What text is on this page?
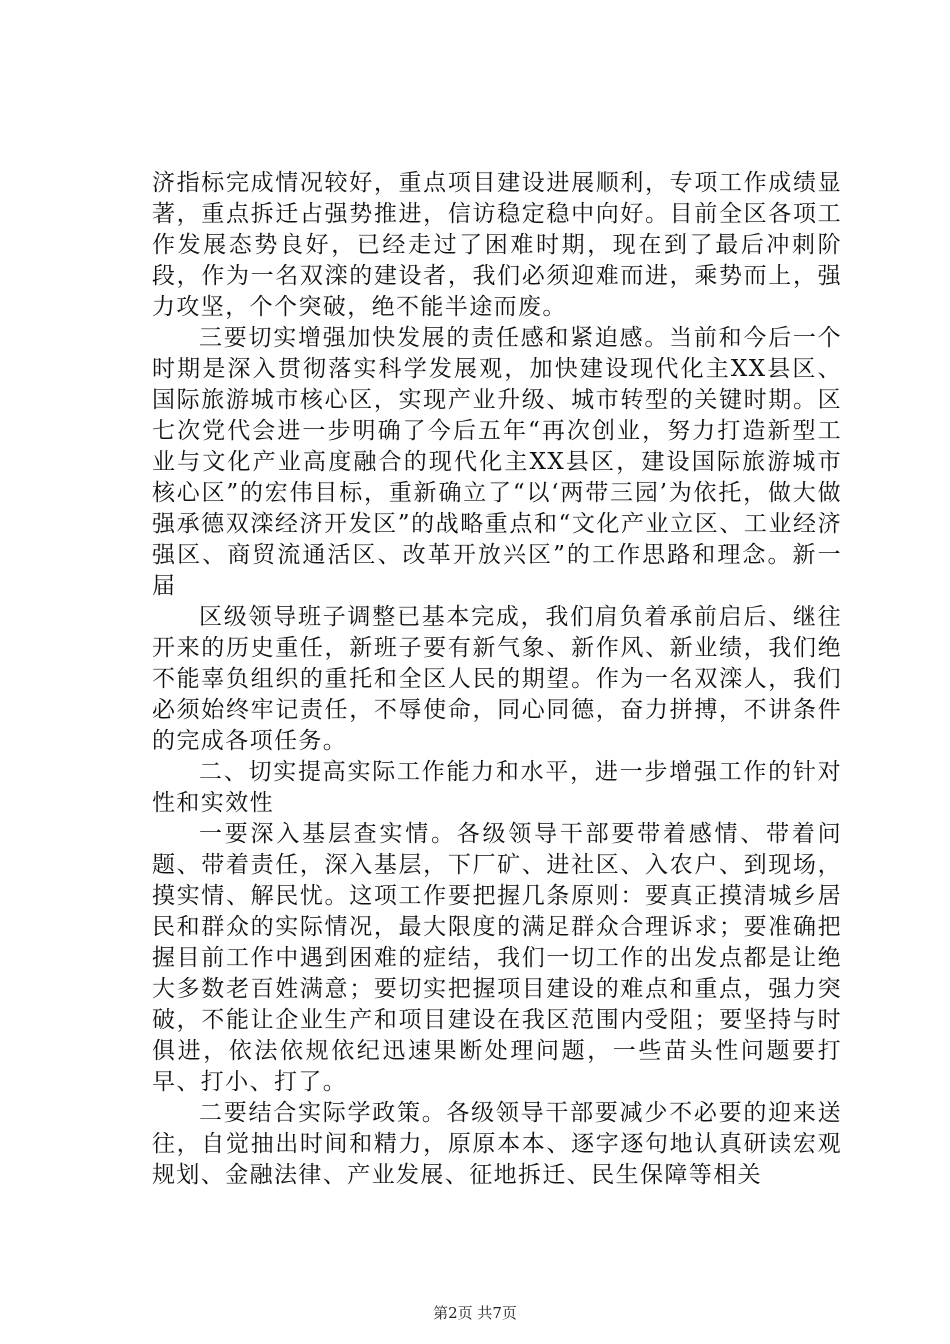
济指标完成情况较好，重点项目建设进展顺利，专项工作成绩显著，重点拆迁占强势推进，信访稳定稳中向好。目前全区各项工作发展态势良好，已经走过了困难时期，现在到了最后冲刺阶段，作为一名双滦的建设者，我们必须迎难而进，乘势而上，强力攻坚，个个突破，绝不能半途而废。

三要切实增强加快发展的责任感和紧迫感。当前和今后一个时期是深入贯彻落实科学发展观，加快建设现代化主XX县区、国际旅游城市核心区，实现产业升级、城市转型的关键时期。区七次党代会进一步明确了今后五年“再次创业，努力打造新型工业与文化产业高度融合的现代化主XX县区，建设国际旅游城市核心区”的宏伟目标，重新确立了“以‘两带三园’为依托，做大做强承德双滦经济开发区”的战略重点和“文化产业立区、工业经济强区、商贸流通活区、改革开放兴区”的工作思路和理念。新一届

区级领导班子调整已基本完成，我们肩负着承前启后、继往开来的历史重任，新班子要有新气象、新作风、新业绩，我们绝不能辜负组织的重托和全区人民的期望。作为一名双滦人，我们必须始终牢记责任，不辱使命，同心同德，奋力拼搏，不讲条件的完成各项任务。

二、切实提高实际工作能力和水平，进一步增强工作的针对性和实效性

一要深入基层查实情。各级领导干部要带着感情、带着问题、带着责任，深入基层，下厂矿、进社区、入农户、到现场，摸实情、解民忧。这项工作要把握几条原则：要真正摸清城乡居民和群众的实际情况，最大限度的满足群众合理诉求；要准确把握目前工作中遇到困难的症结，我们一切工作的出发点都是让绝大多数老百姓满意；要切实把握项目建设的难点和重点，强力突破，不能让企业生产和项目建设在我区范围内受阻；要坚持与时俱进，依法依规依纪迅速果断处理问题，一些苗头性问题要打早、打小、打了。

二要结合实际学政策。各级领导干部要减少不必要的迎来送往，自觉抽出时间和精力，原原本本、逐字逐句地认真研读宏观规划、金融法律、产业发展、征地拆迁、民生保障等相关

第2页 共7页
